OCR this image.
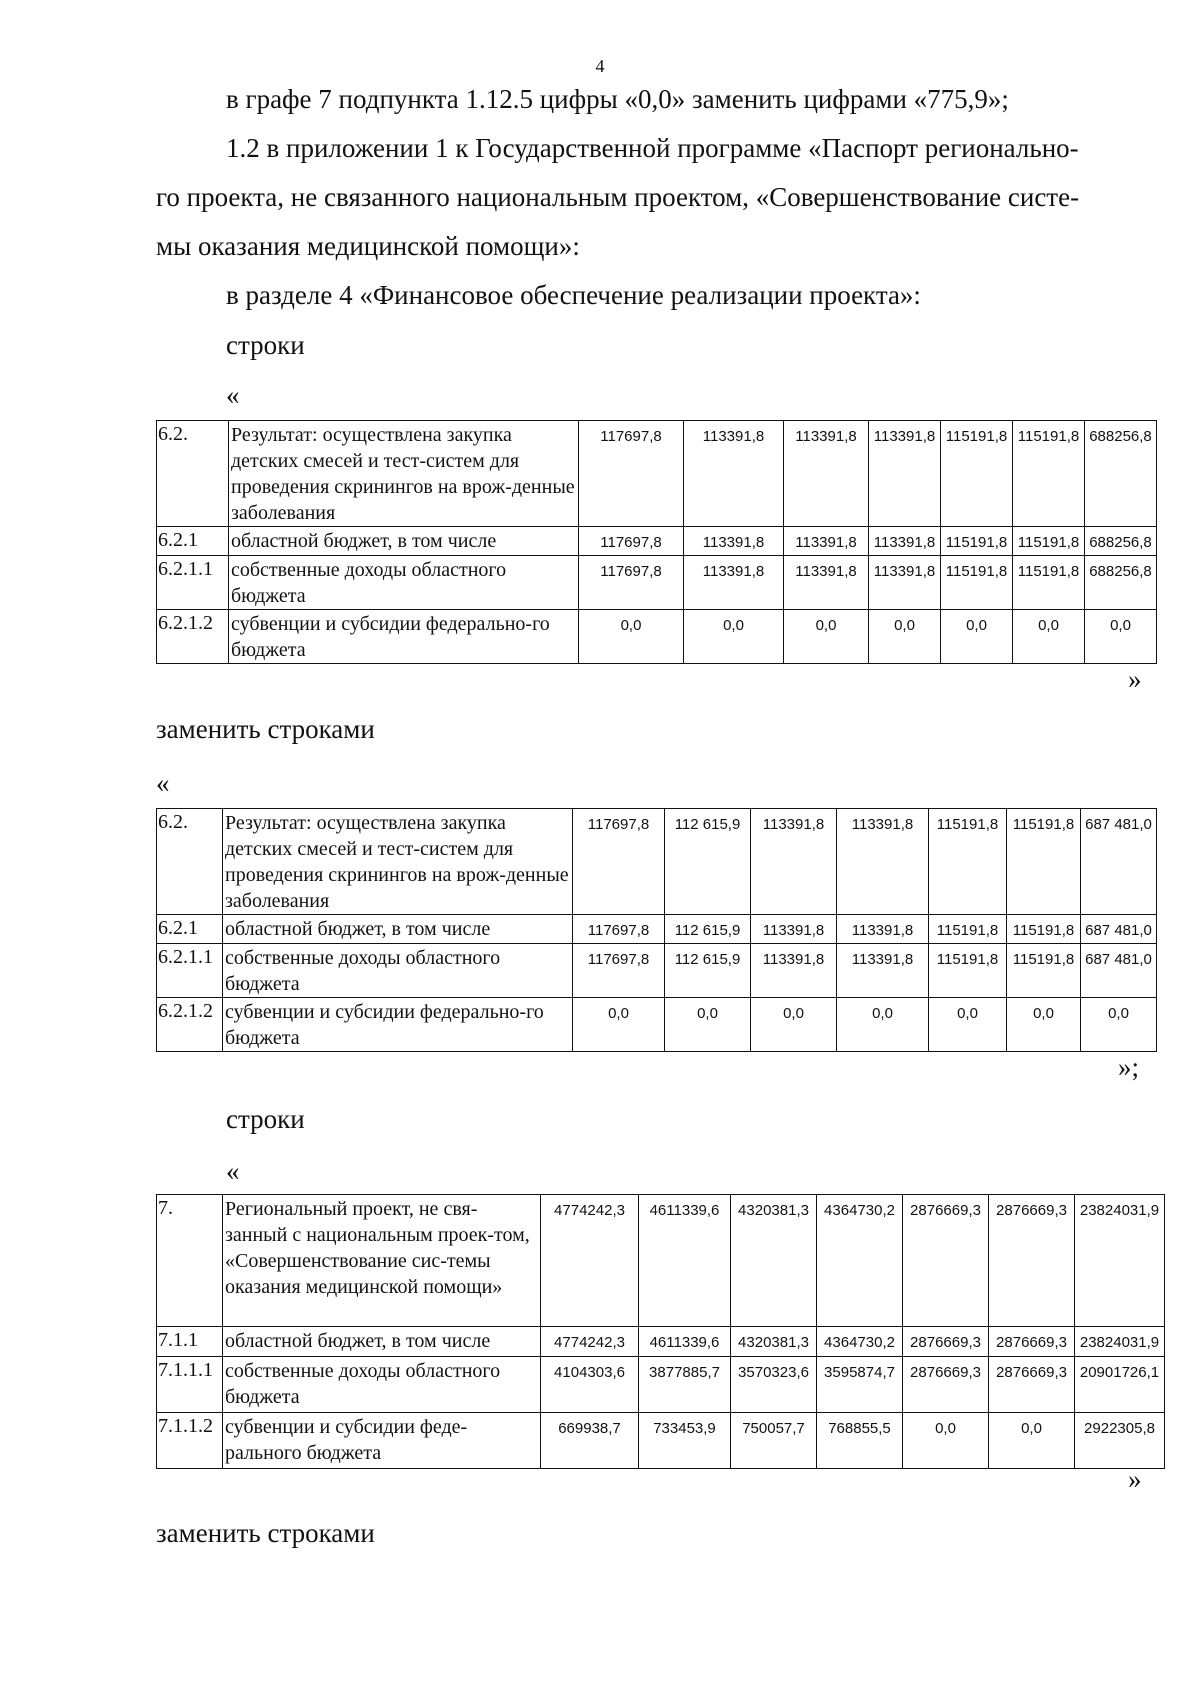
4
в графе 7 подпункта 1.12.5 цифры «0,0» заменить цифрами «775,9»;
1.2 в приложении 1 к Государственной программе «Паспорт регионально-
го проекта, не связанного национальным проектом, «Совершенствование систе-
мы оказания медицинской помощи»:
в разделе 4 «Финансовое обеспечение реализации проекта»:
строки
«
6.2.	Результат: осуществлена закупка детских смесей и тест-систем для проведения скринингов на врож-денные заболевания	117697,8	113391,8	113391,8	113391,8	115191,8	115191,8	688256,8
6.2.1	областной бюджет, в том числе	117697,8	113391,8	113391,8	113391,8	115191,8	115191,8	688256,8
6.2.1.1	собственные доходы областного бюджета	117697,8	113391,8	113391,8	113391,8	115191,8	115191,8	688256,8
6.2.1.2	субвенции и субсидии федерально-го бюджета	0,0	0,0	0,0	0,0	0,0	0,0	0,0
»
заменить строками
«
6.2.	Результат: осуществлена закупка детских смесей и тест-систем для проведения скринингов на врож-денные заболевания	117697,8	112 615,9	113391,8	113391,8	115191,8	115191,8	687 481,0
6.2.1	областной бюджет, в том числе	117697,8	112 615,9	113391,8	113391,8	115191,8	115191,8	687 481,0
6.2.1.1	собственные доходы областного бюджета	117697,8	112 615,9	113391,8	113391,8	115191,8	115191,8	687 481,0
6.2.1.2	субвенции и субсидии федерально-го бюджета	0,0	0,0	0,0	0,0	0,0	0,0	0,0
»;
строки
«
7.	Региональный проект, не свя-занный с национальным проек-том, «Совершенствование сис-темы оказания медицинской помощи»	4774242,3	4611339,6	4320381,3	4364730,2	2876669,3	2876669,3	23824031,9
7.1.1	областной бюджет, в том числе	4774242,3	4611339,6	4320381,3	4364730,2	2876669,3	2876669,3	23824031,9
7.1.1.1	собственные доходы областного бюджета	4104303,6	3877885,7	3570323,6	3595874,7	2876669,3	2876669,3	20901726,1
7.1.1.2	субвенции и субсидии феде-рального бюджета	669938,7	733453,9	750057,7	768855,5	0,0	0,0	2922305,8
»
заменить строками
